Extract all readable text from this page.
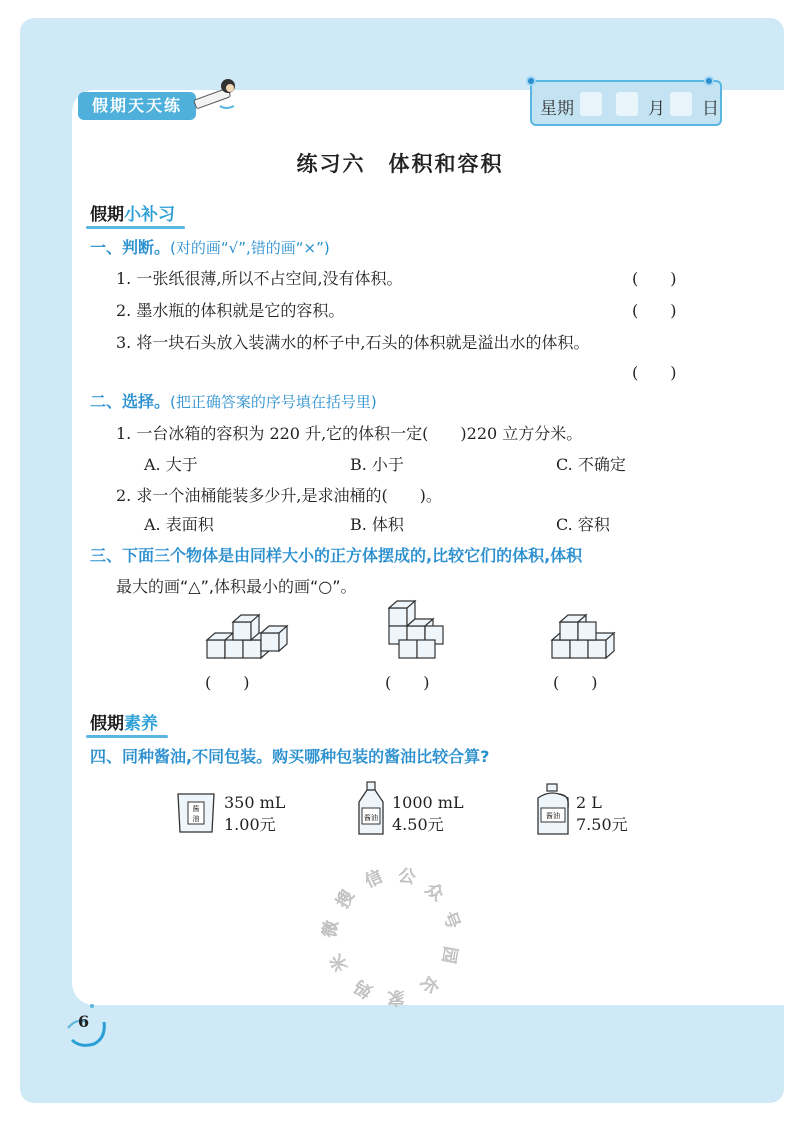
假期天天练	星期	月 日
练习六　体积和容积
假期小补习
一、判断。(对的画“√”,错的画“×”)
1. 一张纸很薄,所以不占空间,没有体积。	(　　)
2. 墨水瓶的体积就是它的容积。	(　　)
3. 将一块石头放入装满水的杯子中,石头的体积就是溢出水的体积。
(　　)
二、选择。(把正确答案的序号填在括号里)
1. 一台冰箱的容积为 220 升,它的体积一定(　　)220 立方分米。
A. 大于	B. 小于	C. 不确定
2. 求一个油桶能装多少升,是求油桶的(　　)。
A. 表面积	B. 体积	C. 容积
三、下面三个物体是由同样大小的正方体摆成的,比较它们的体积,体积
最大的画“△”,体积最小的画“○”。
(　　)	(　　)	(　　)
假期素养
四、同种酱油,不同包装。购买哪种包装的酱油比较合算?
酱
油
350 mL
1.00元	酱油
1000 mL
4.50元	酱油
2 L
7.50元
搜
信 公
众
号
园
长
家
妈
米
微
6
